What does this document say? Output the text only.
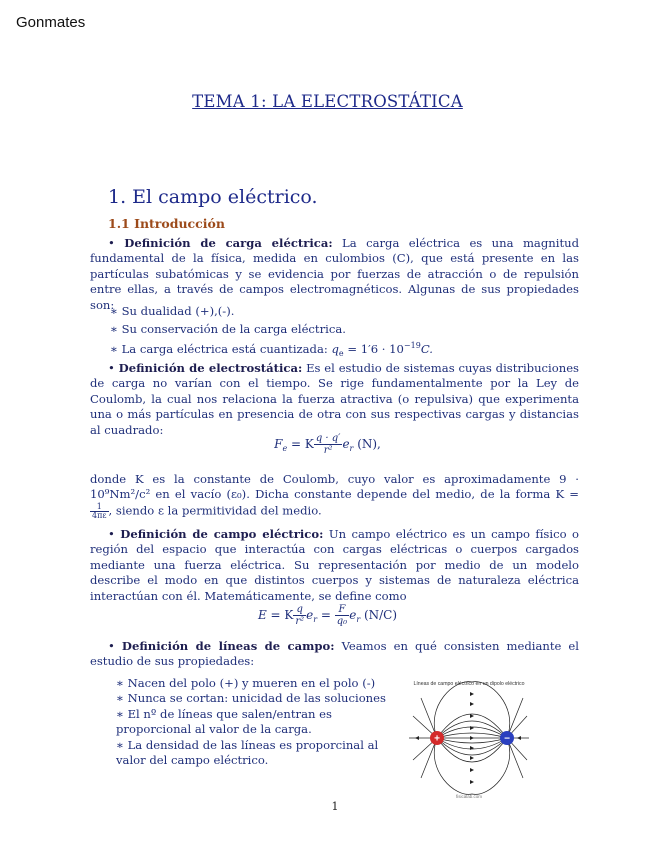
Gonmates
TEMA 1: LA ELECTROSTÁTICA
1. El campo eléctrico.
1.1 Introducción

• Definición de carga eléctrica: La carga eléctrica es una magnitud fundamental de la física, medida en culombios (C), que está presente en las partículas subatómicas y se evidencia por fuerzas de atracción o de repulsión entre ellas, a través de campos electromagnéticos. Algunas de sus propiedades son:

∗ Su dualidad (+),(-).
∗ Su conservación de la carga eléctrica.
∗ La carga eléctrica está cuantizada: $q_e = 1'6 \cdot 10^{-19}C$.

• Definición de electrostática: Es el estudio de sistemas cuyas distribuciones de carga no varían con el tiempo. Se rige fundamentalmente por la Ley de Coulomb, la cual nos relaciona la fuerza atractiva (o repulsiva) que experimenta una o más partículas en presencia de otra con sus respectivas cargas y distancias al cuadrado:

$F_e = K \frac{q \cdot q'}{\text{r²}} e_r$ (N),

donde K es la constante de Coulomb, cuyo valor es aproximadamente 9 · 10⁹Nm²/c² en el vacío (ε₀). Dicha constante depende del medio, de la forma K =
$\frac{1}{4\pi\varepsilon}$ , siendo ε la permitividad del medio.

• Definición de campo eléctrico: Un campo eléctrico es un campo físico o región del espacio que interactúa con cargas eléctricas o cuerpos cargados mediante una fuerza eléctrica. Su representación por medio de un modelo describe el modo en que distintos cuerpos y sistemas de naturaleza eléctrica interactúan con él. Matemáticamente, se define como

E = K $\frac{q}{\text{r²}} e_r = \frac{F}{\text{q₀}} e_r$ (N/C)

• Definición de líneas de campo: Veamos en qué consisten mediante el estudio de sus propiedades:

∗ Nacen del polo (+) y mueren en el polo (-)
∗ Nunca se cortan: unicidad de las soluciones
∗ El nº de líneas que salen/entran es proporcional al valor de la carga.
∗ La densidad de las líneas es proporcinal al valor del campo eléctrico.
Líneas de campo eléctrico en un dipolo eléctrico
+	−
fisicalab.com
1
